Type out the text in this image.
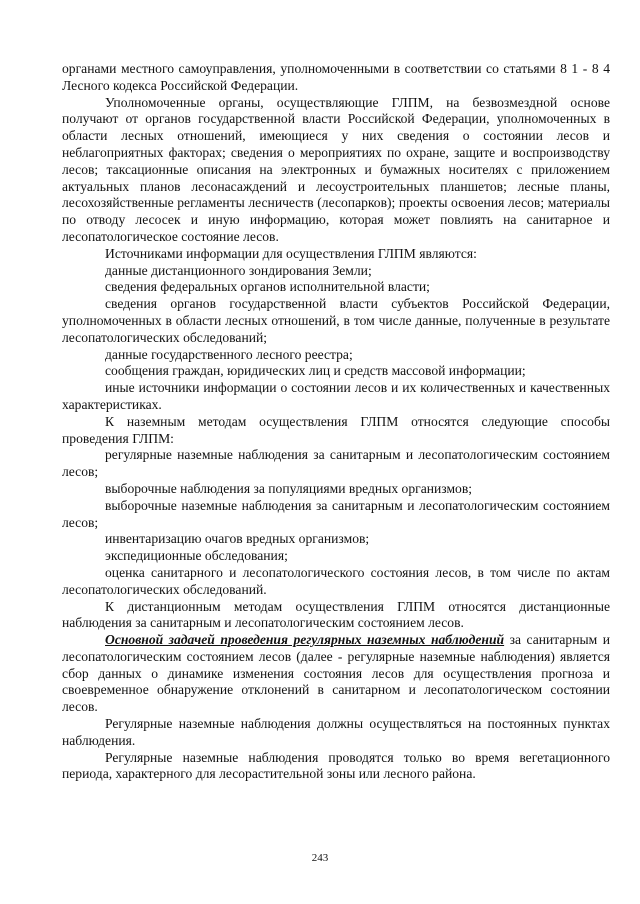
органами местного самоуправления, уполномоченными в соответствии со статьями 8 1 - 8 4 Лесного кодекса Российской Федерации.

Уполномоченные органы, осуществляющие ГЛПМ, на безвозмездной основе получают от органов государственной власти Российской Федерации, уполномоченных в области лесных отношений, имеющиеся у них сведения о состоянии лесов и неблагоприятных факторах; сведения о мероприятиях по охране, защите и воспроизводству лесов; таксационные описания на электронных и бумажных носителях с приложением актуальных планов лесонасаждений и лесоустроительных планшетов; лесные планы, лесохозяйственные регламенты лесничеств (лесопарков); проекты освоения лесов; материалы по отводу лесосек и иную информацию, которая может повлиять на санитарное и лесопатологическое состояние лесов.

Источниками информации для осуществления ГЛПМ являются:

данные дистанционного зондирования Земли;

сведения федеральных органов исполнительной власти;

сведения органов государственной власти субъектов Российской Федерации, уполномоченных в области лесных отношений, в том числе данные, полученные в результате лесопатологических обследований;

данные государственного лесного реестра;

сообщения граждан, юридических лиц и средств массовой информации;

иные источники информации о состоянии лесов и их количественных и качественных характеристиках.

К наземным методам осуществления ГЛПМ относятся следующие способы проведения ГЛПМ:

регулярные наземные наблюдения за санитарным и лесопатологическим состоянием лесов;

выборочные наблюдения за популяциями вредных организмов;

выборочные наземные наблюдения за санитарным и лесопатологическим состоянием лесов;

инвентаризацию очагов вредных организмов;

экспедиционные обследования;

оценка санитарного и лесопатологического состояния лесов, в том числе по актам лесопатологических обследований.

К дистанционным методам осуществления ГЛПМ относятся дистанционные наблюдения за санитарным и лесопатологическим состоянием лесов.

Основной задачей проведения регулярных наземных наблюдений за санитарным и лесопатологическим состоянием лесов (далее - регулярные наземные наблюдения) является сбор данных о динамике изменения состояния лесов для осуществления прогноза и своевременное обнаружение отклонений в санитарном и лесопатологическом состоянии лесов.

Регулярные наземные наблюдения должны осуществляться на постоянных пунктах наблюдения.

Регулярные наземные наблюдения проводятся только во время вегетационного периода, характерного для лесорастительной зоны или лесного района.

243
